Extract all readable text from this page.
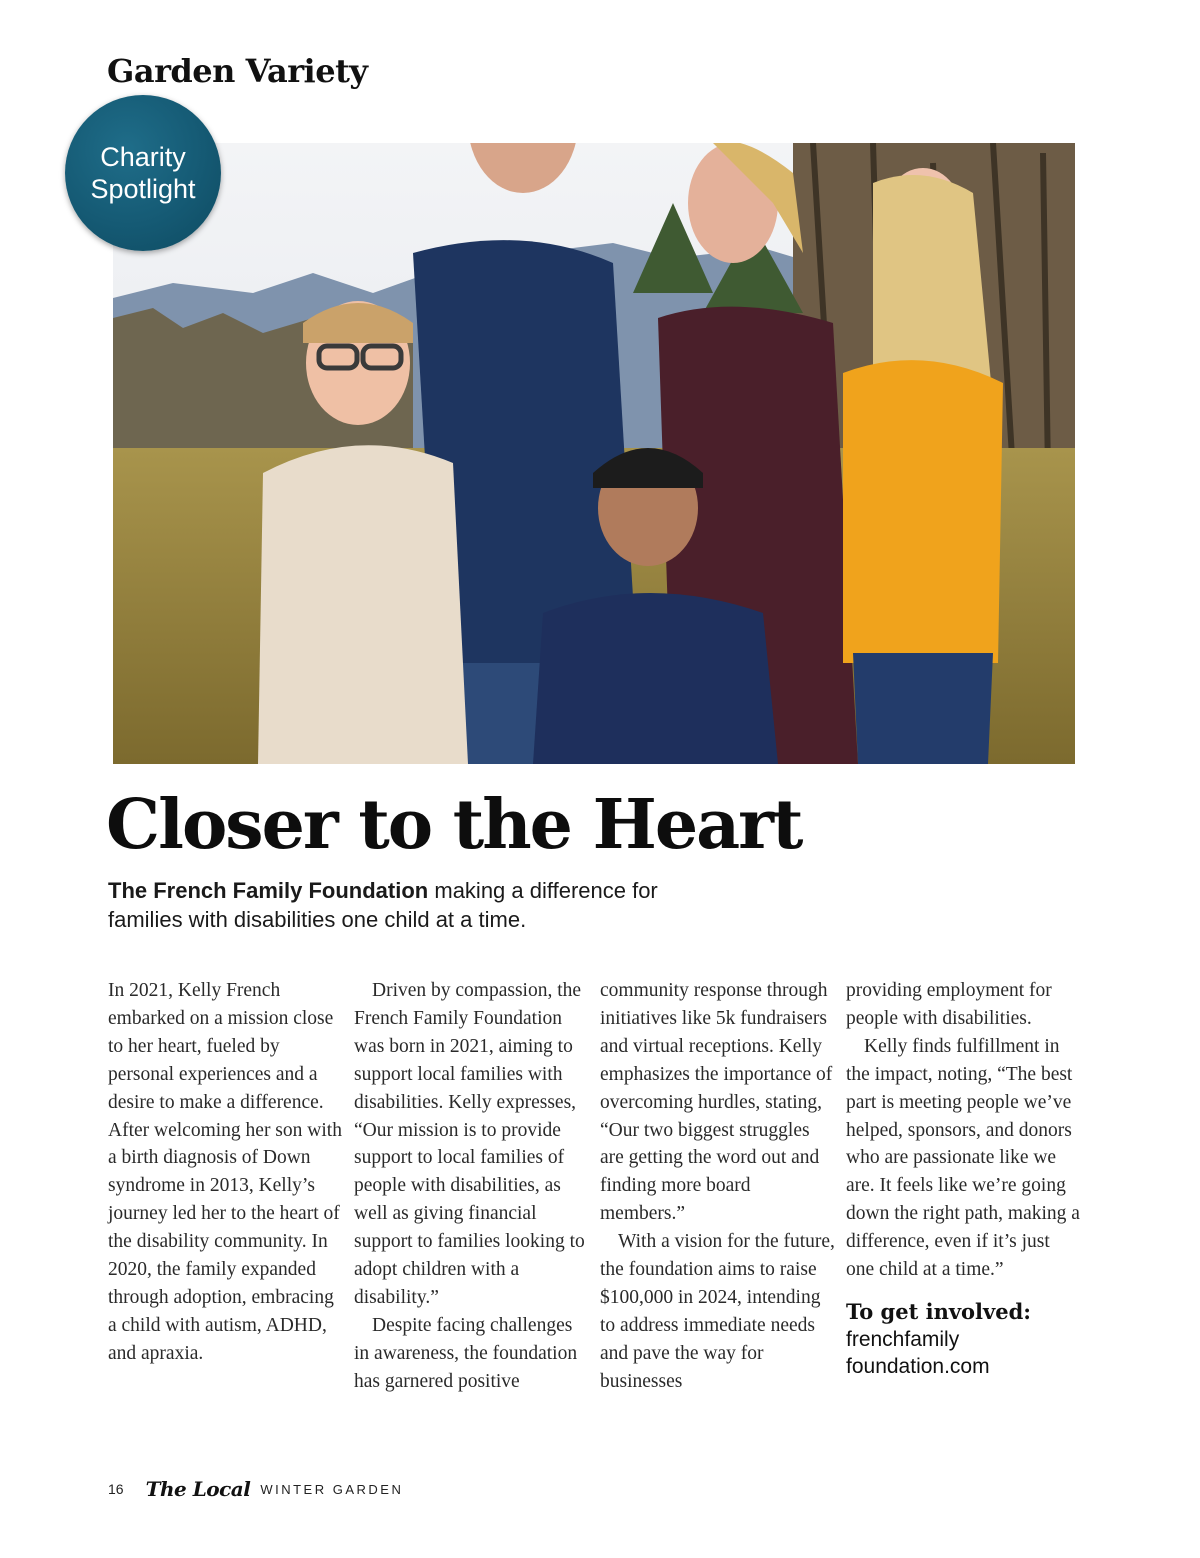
Garden Variety
Charity
Spotlight
Closer to the Heart

The French Family Foundation making a difference for families with disabilities one child at a time.

In 2021, Kelly French embarked on a mission close to her heart, fueled by personal experiences and a desire to make a difference. After welcoming her son with a birth diagnosis of Down syndrome in 2013, Kelly’s journey led her to the heart of the disability community. In 2020, the family expanded through adoption, embracing a child with autism, ADHD, and apraxia.

Driven by compassion, the French Family Foundation was born in 2021, aiming to support local families with disabilities. Kelly expresses, “Our mission is to provide support to local families of people with disabilities, as well as giving financial support to families looking to adopt children with a disability.”

Despite facing challenges in awareness, the foundation has garnered positive

community response through initiatives like 5k fundraisers and virtual receptions. Kelly emphasizes the importance of overcoming hurdles, stating, “Our two biggest struggles are getting the word out and finding more board members.”

With a vision for the future, the foundation aims to raise $100,000 in 2024, intending to address immediate needs and pave the way for businesses

providing employment for people with disabilities.

Kelly finds fulfillment in the impact, noting, “The best part is meeting people we’ve helped, sponsors, and donors who are passionate like we are. It feels like we’re going down the right path, making a difference, even if it’s just one child at a time.”

To get involved:
frenchfamily
foundation.com
16 The Local WINTER GARDEN
